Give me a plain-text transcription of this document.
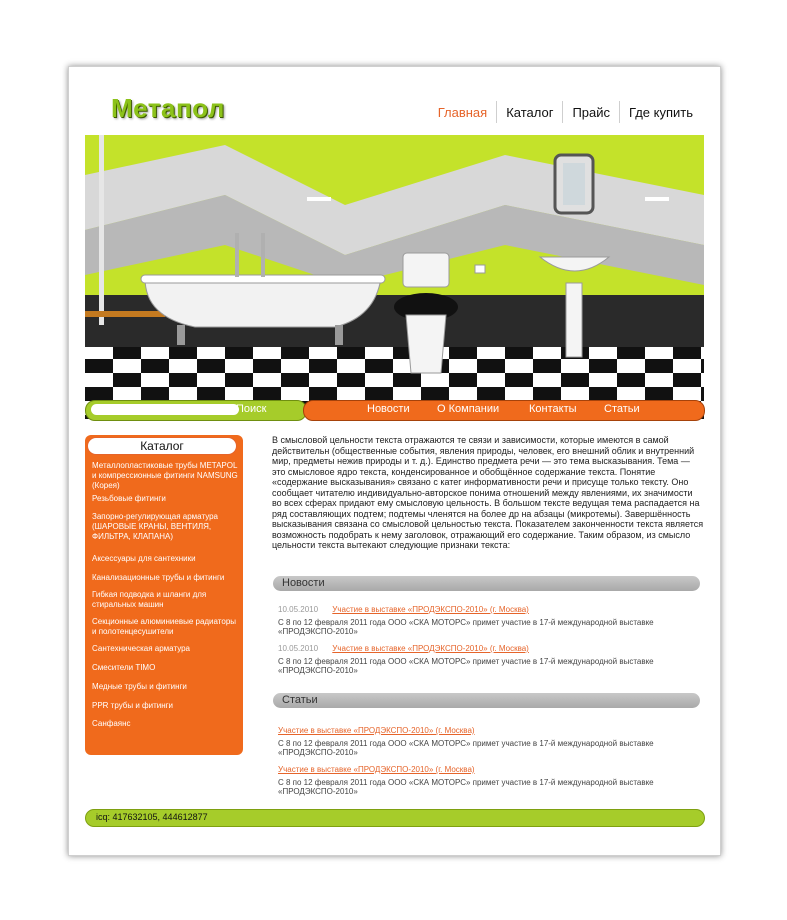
Метапол	Главная	Каталог	Прайс	Где купить
Поиск	Новости О Компании	Контакты Статьи
Каталог
Металлопластиковые трубы METAPOL и компрессионные фитинги NAMSUNG (Корея)
Резьбовые фитинги
Запорно-регулирующая арматура (ШАРОВЫЕ КРАНЫ, ВЕНТИЛЯ, ФИЛЬТРА, КЛАПАНА)
Аксессуары для сантехники
Канализационные трубы и фитинги
Гибкая подводка и шланги для стиральных машин
Секционные алюминиевые радиаторы и полотенцесушители
Сантехническая арматура
Смесители TIMO
Медные трубы и фитинги
PPR трубы и фитинги
Санфаянс

В смысловой цельности текста отражаются те связи и зависимости, которые имеются в самой действительн (общественные события, явления природы, человек, его внешний облик и внутренний мир, предметы нежив природы и т. д.). Единство предмета речи — это тема высказывания. Тема — это смысловое ядро текста, конденсированное и обобщённое содержание текста. Понятие «содержание высказывания» связано с катег информативности речи и присуще только тексту. Оно сообщает читателю индивидуально-авторское понима отношений между явлениями, их значимости во всех сферах придают ему смысловую цельность. В большом тексте ведущая тема распадается на ряд составляющих подтем; подтемы членятся на более др на абзацы (микротемы). Завершённость высказывания связана со смысловой цельностью текста. Показателем законченности текста является возможность подобрать к нему заголовок, отражающий его содержание. Таким образом, из смысло цельности текста вытекают следующие признаки текста:

Новости
10.05.2010 Участие в выставке «ПРОДЭКСПО-2010» (г. Москва)
С 8 по 12 февраля 2011 года ООО «СКА МОТОРС» примет участие в 17-й международной выставке «ПРОДЭКСПО-2010»
10.05.2010 Участие в выставке «ПРОДЭКСПО-2010» (г. Москва)
С 8 по 12 февраля 2011 года ООО «СКА МОТОРС» примет участие в 17-й международной выставке «ПРОДЭКСПО-2010»
Статьи
Участие в выставке «ПРОДЭКСПО-2010» (г. Москва)
С 8 по 12 февраля 2011 года ООО «СКА МОТОРС» примет участие в 17-й международной выставке «ПРОДЭКСПО-2010»
Участие в выставке «ПРОДЭКСПО-2010» (г. Москва)
С 8 по 12 февраля 2011 года ООО «СКА МОТОРС» примет участие в 17-й международной выставке «ПРОДЭКСПО-2010»
icq: 417632105, 444612877
